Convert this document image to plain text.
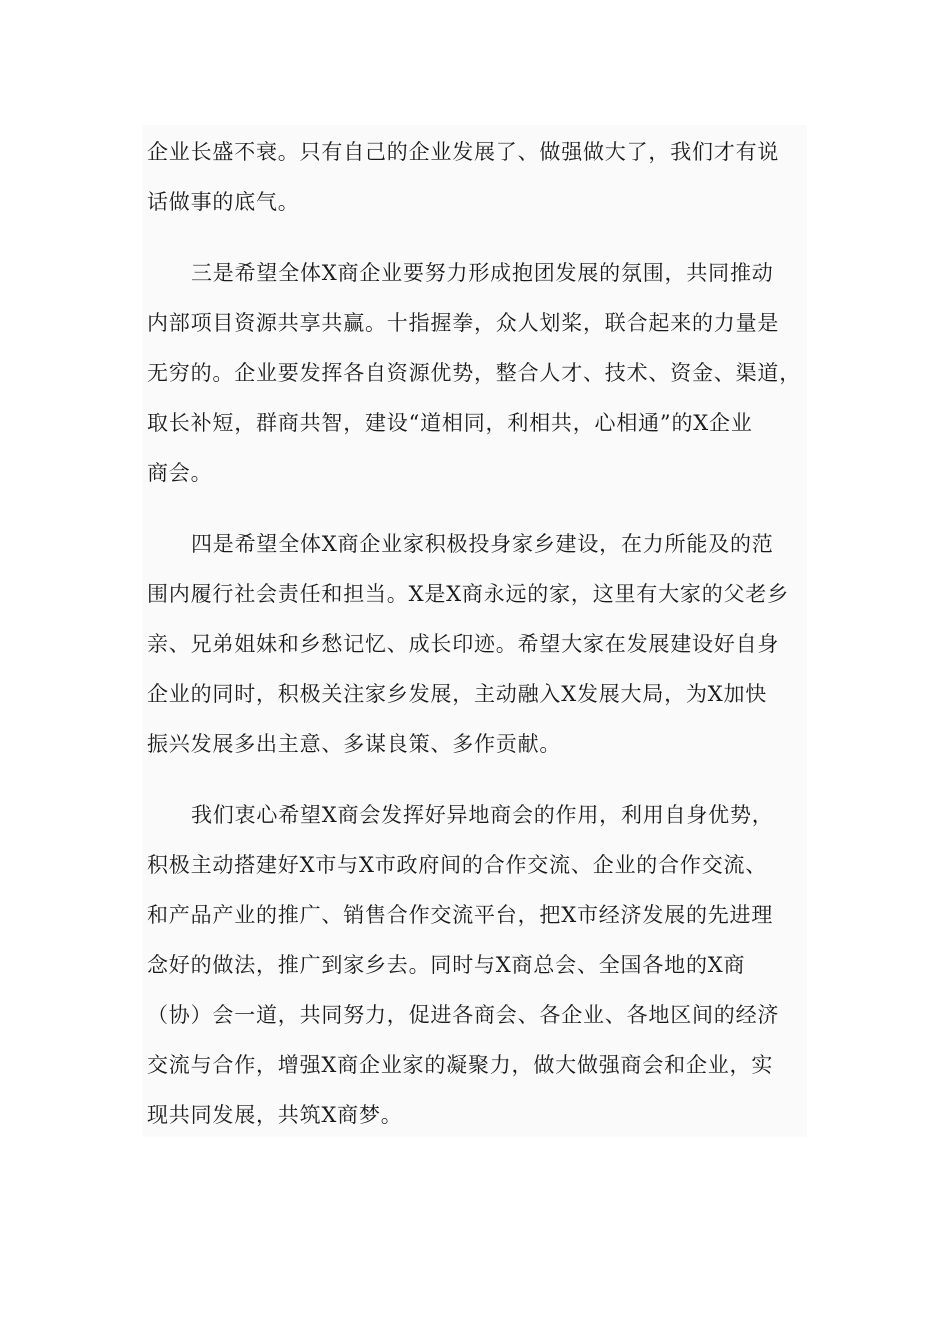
企业长盛不衰。只有自己的企业发展了、做强做大了，我们才有说
话做事的底气。
三是希望全体X商企业要努力形成抱团发展的氛围，共同推动
内部项目资源共享共赢。十指握拳，众人划桨，联合起来的力量是
无穷的。企业要发挥各自资源优势，整合人才、技术、资金、渠道，
取长补短，群商共智，建设“道相同，利相共，心相通”的X企业
商会。
四是希望全体X商企业家积极投身家乡建设，在力所能及的范
围内履行社会责任和担当。X是X商永远的家，这里有大家的父老乡
亲、兄弟姐妹和乡愁记忆、成长印迹。希望大家在发展建设好自身
企业的同时，积极关注家乡发展，主动融入X发展大局，为X加快
振兴发展多出主意、多谋良策、多作贡献。
我们衷心希望X商会发挥好异地商会的作用，利用自身优势，
积极主动搭建好X市与X市政府间的合作交流、企业的合作交流、
和产品产业的推广、销售合作交流平台，把X市经济发展的先进理
念好的做法，推广到家乡去。同时与X商总会、全国各地的X商
（协）会一道，共同努力，促进各商会、各企业、各地区间的经济
交流与合作，增强X商企业家的凝聚力，做大做强商会和企业，实
现共同发展，共筑X商梦。
